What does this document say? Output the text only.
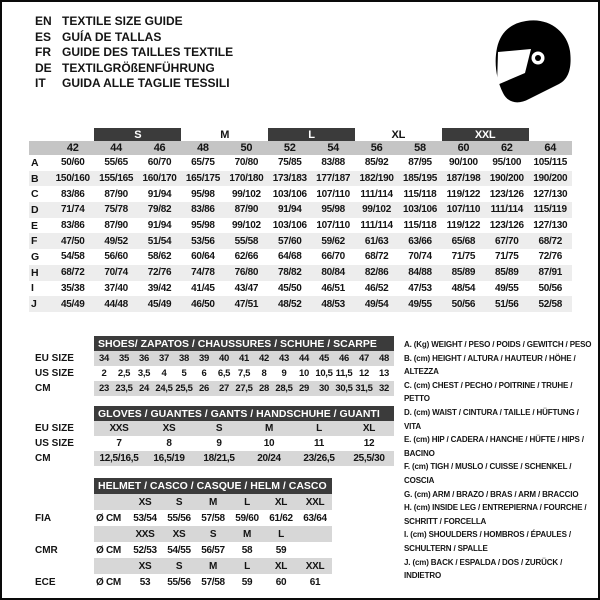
EN TEXTILE SIZE GUIDE
ES GUÍA DE TALLAS
FR GUIDE DES TAILLES TEXTILE
DE TEXTILGRÖßENFÜHRUNG
IT GUIDA ALLE TAGLIE TESSILI
		S		M		L		XL		XXL		
	42	44	46	48	50	52	54	56	58	60	62	64
A	50/60	55/65	60/70	65/75	70/80	75/85	83/88	85/92	87/95	90/100	95/100	105/115
B	150/160	155/165	160/170	165/175	170/180	173/183	177/187	182/190	185/195	187/198	190/200	190/200
C	83/86	87/90	91/94	95/98	99/102	103/106	107/110	111/114	115/118	119/122	123/126	127/130
D	71/74	75/78	79/82	83/86	87/90	91/94	95/98	99/102	103/106	107/110	111/114	115/119
E	83/86	87/90	91/94	95/98	99/102	103/106	107/110	111/114	115/118	119/122	123/126	127/130
F	47/50	49/52	51/54	53/56	55/58	57/60	59/62	61/63	63/66	65/68	67/70	68/72
G	54/58	56/60	58/62	60/64	62/66	64/68	66/70	68/72	70/74	71/75	71/75	72/76
H	68/72	70/74	72/76	74/78	76/80	78/82	80/84	82/86	84/88	85/89	85/89	87/91
I	35/38	37/40	39/42	41/45	43/47	45/50	46/51	46/52	47/53	48/54	49/55	50/56
J	45/49	44/48	45/49	46/50	47/51	48/52	48/53	49/54	49/55	50/56	51/56	52/58
	SHOES/ ZAPATOS / CHAUSSURES / SCHUHE / SCARPE														
EU SIZE	34	35	36	37	38	39	40	41	42	43	44	45	46	47	48
US SIZE	2	2,5	3,5	4	5	6	6,5	7,5	8	9	10	10,5	11,5	12	13
CM	23	23,5	24	24,5	25,5	26	27	27,5	28	28,5	29	30	30,5	31,5	32
	GLOVES / GUANTES / GANTS / HANDSCHUHE / GUANTI					
EU SIZE	XXS	XS	S	M	L	XL
US SIZE	7	8	9	10	11	12
CM	12,5/16,5	16,5/19	18/21,5	20/24	23/26,5	25,5/30
	HELMET / CASCO / CASQUE / HELM / CASCO						
		XS	S	M	L	XL	XXL
FIA	Ø CM	53/54	55/56	57/58	59/60	61/62	63/64
		XXS	XS	S	M	L	
CMR	Ø CM	52/53	54/55	56/57	58	59	
		XS	S	M	L	XL	XXL
ECE	Ø CM	53	55/56	57/58	59	60	61
A. (Kg) WEIGHT / PESO / POIDS / GEWITCH / PESO
B. (cm) HEIGHT / ALTURA / HAUTEUR / HÖHE / ALTEZZA
C. (cm) CHEST / PECHO / POITRINE / TRUHE / PETTO
D. (cm) WAIST / CINTURA / TAILLE / HÜFTUNG / VITA
E. (cm) HIP / CADERA / HANCHE / HÜFTE / HIPS / BACINO
F. (cm) TIGH / MUSLO / CUISSE / SCHENKEL / COSCIA
G. (cm) ARM / BRAZO / BRAS / ARM / BRACCIO
H. (cm) INSIDE LEG / ENTREPIERNA / FOURCHE / SCHRITT / FORCELLA
I. (cm) SHOULDERS / HOMBROS / ÉPAULES / SCHULTERN / SPALLE
J. (cm) BACK / ESPALDA / DOS / ZURÜCK / INDIETRO
